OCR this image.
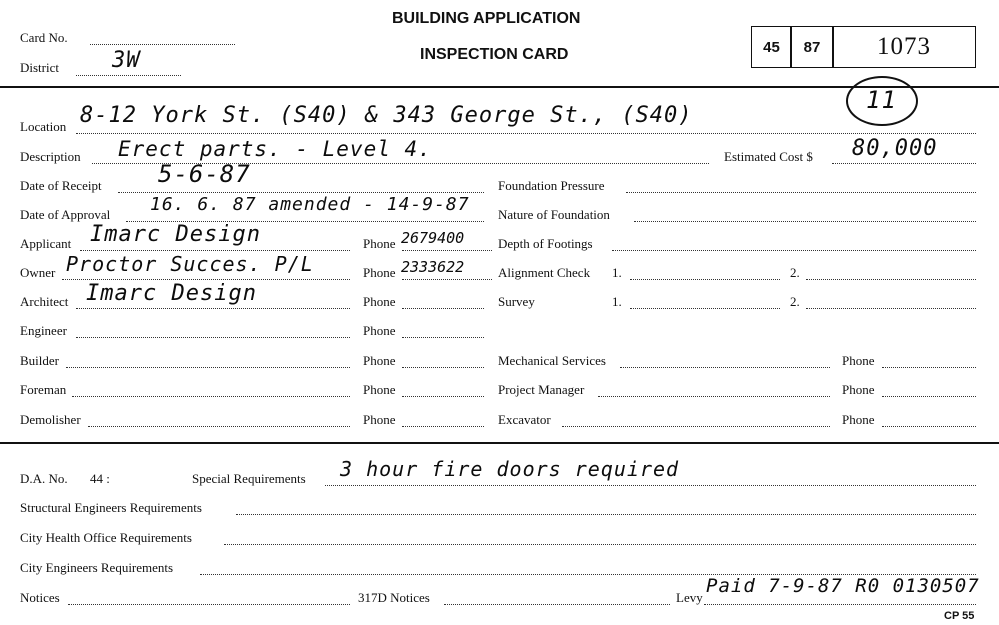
Card No.
District 3W
BUILDING APPLICATION
INSPECTION CARD	45	87	1073
11
Location 8-12 York St. (S40) & 343 George St., (S40)
Description Erect parts. - Level 4.	Estimated Cost $ 80,000
Date of Receipt 5-6-87
Date of Approval 16. 6. 87 amended - 14-9-87
Applicant Imarc Design	Phone 2679400
Owner Proctor Succes. P/L	Phone 2333622
Architect Imarc Design	Phone
Engineer	Phone
Builder	Phone
Foreman	Phone
Demolisher	Phone
Foundation Pressure
Nature of Foundation
Depth of Footings
Alignment Check 1.	2.
Survey	1.	2.
Mechanical Services	Phone
Project Manager	Phone
Excavator	Phone
D.A. No. 44 :	Special Requirements 3 hour fire doors required
Structural Engineers Requirements
City Health Office Requirements
City Engineers Requirements
Notices	317D Notices	Levy
Paid 7-9-87 R0 0130507
CP 55
